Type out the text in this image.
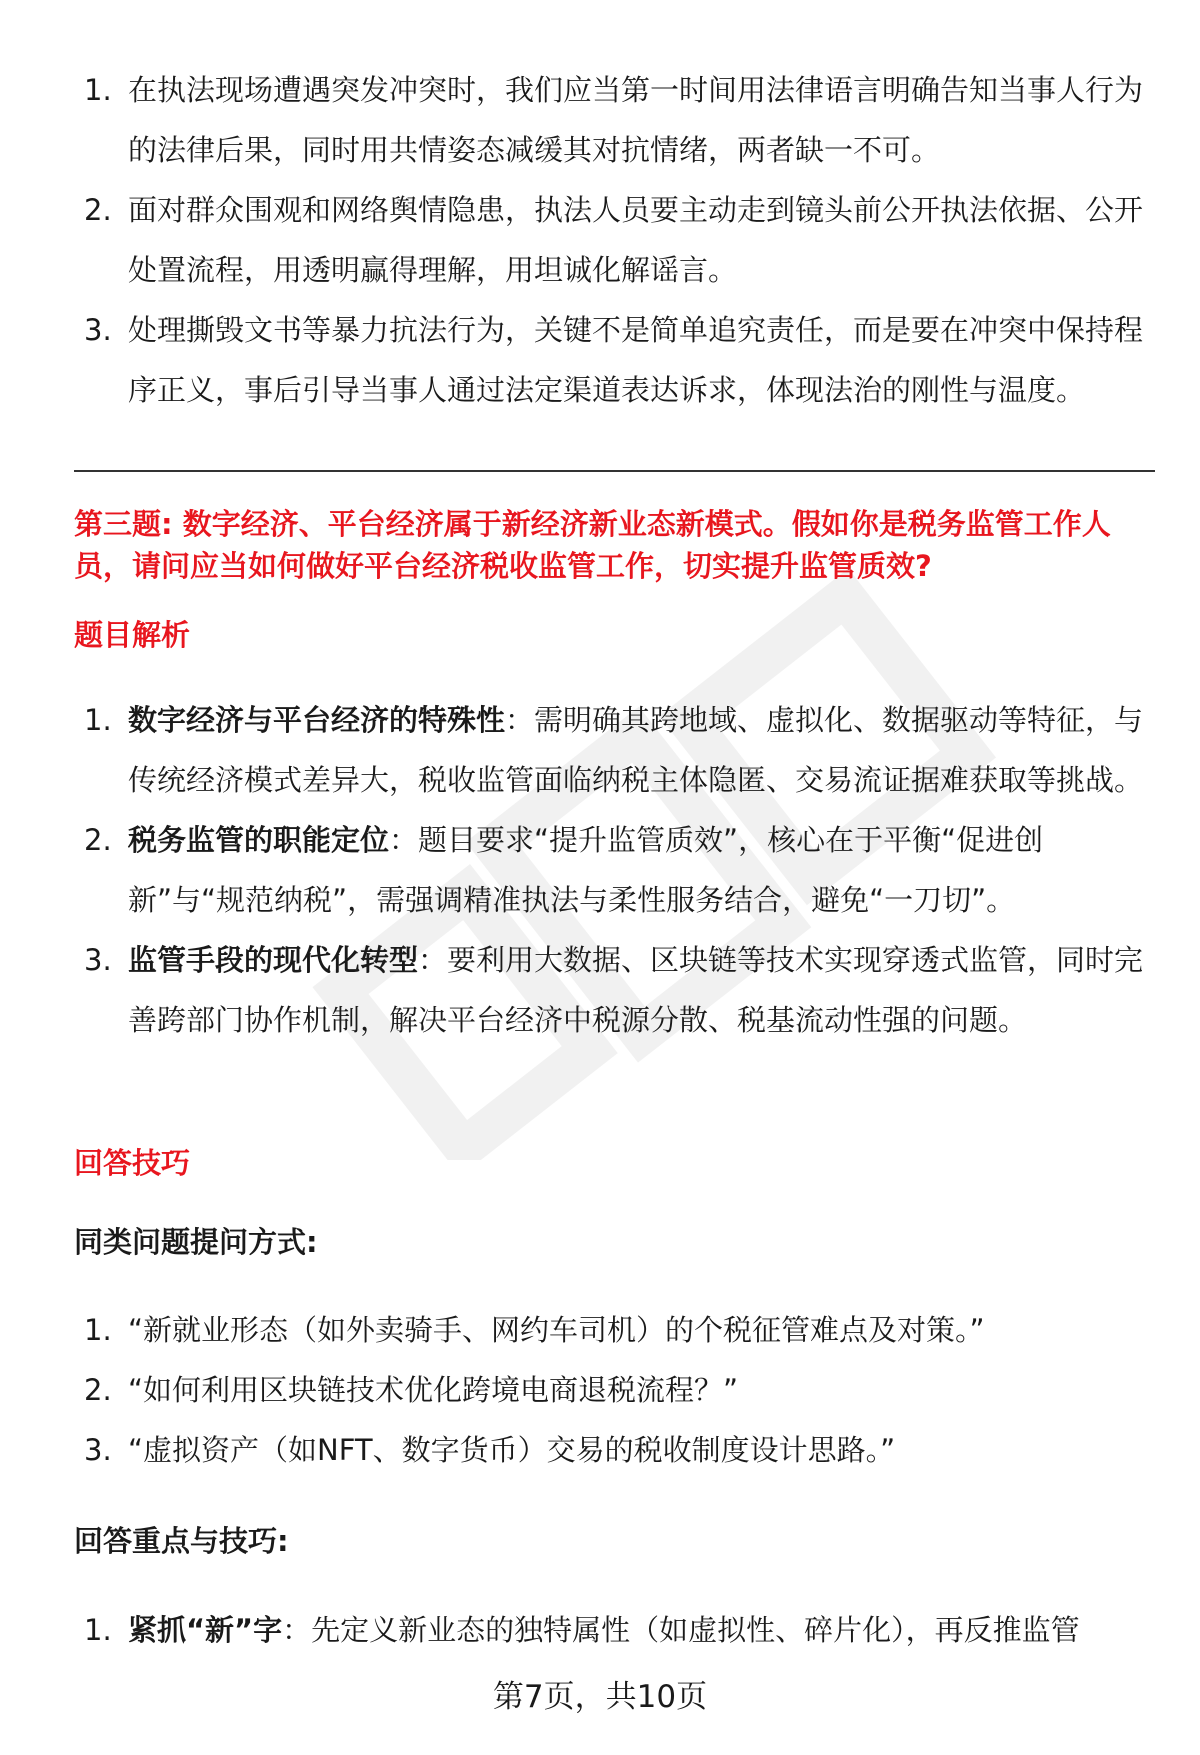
1. 在执法现场遭遇突发冲突时，我们应当第一时间用法律语言明确告知当事人行为的法律后果，同时用共情姿态减缓其对抗情绪，两者缺一不可。
2. 面对群众围观和网络舆情隐患，执法人员要主动走到镜头前公开执法依据、公开处置流程，用透明赢得理解，用坦诚化解谣言。
3. 处理撕毁文书等暴力抗法行为，关键不是简单追究责任，而是要在冲突中保持程序正义，事后引导当事人通过法定渠道表达诉求，体现法治的刚性与温度。
第三题: 数字经济、平台经济属于新经济新业态新模式。假如你是税务监管工作人员，请问应当如何做好平台经济税收监管工作，切实提升监管质效?
题目解析
1. 数字经济与平台经济的特殊性：需明确其跨地域、虚拟化、数据驱动等特征，与传统经济模式差异大，税收监管面临纳税主体隐匿、交易流证据难获取等挑战。
2. 税务监管的职能定位：题目要求“提升监管质效”，核心在于平衡“促进创新”与“规范纳税”，需强调精准执法与柔性服务结合，避免“一刀切”。
3. 监管手段的现代化转型：要利用大数据、区块链等技术实现穿透式监管，同时完善跨部门协作机制，解决平台经济中税源分散、税基流动性强的问题。
回答技巧
同类问题提问方式:
1. “新就业形态（如外卖骑手、网约车司机）的个税征管难点及对策。”
2. “如何利用区块链技术优化跨境电商退税流程？”
3. “虚拟资产（如NFT、数字货币）交易的税收制度设计思路。”
回答重点与技巧:
1. 紧抓“新”字：先定义新业态的独特属性（如虚拟性、碎片化），再反推监管
第7页，共10页
